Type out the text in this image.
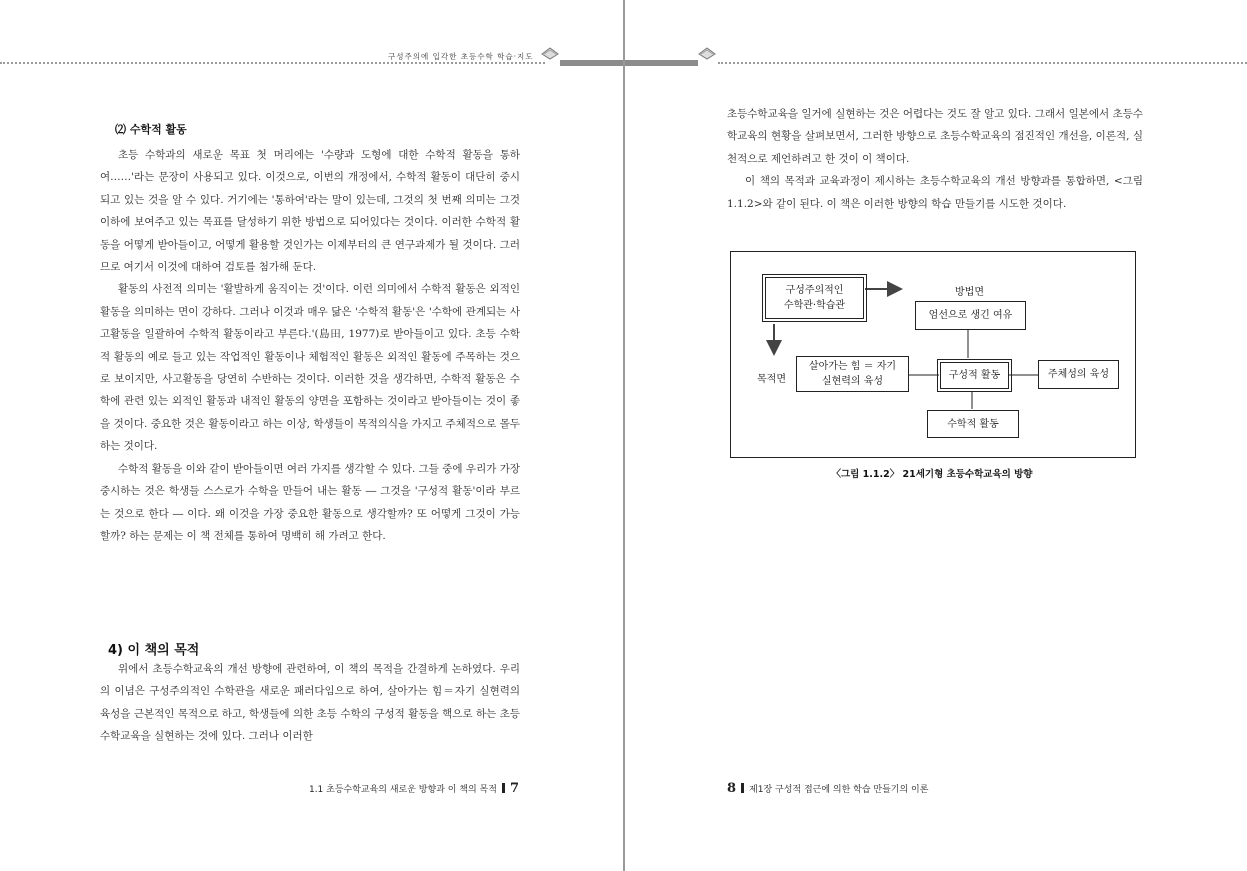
구성주의에 입각한 초등수학 학습·지도
⑵ 수학적 활동

초등 수학과의 새로운 목표 첫 머리에는 '수량과 도형에 대한 수학적 활동을 통하여……'라는 문장이 사용되고 있다. 이것으로, 이번의 개정에서, 수학적 활동이 대단히 중시되고 있는 것을 알 수 있다. 거기에는 '통하여'라는 말이 있는데, 그것의 첫 번째 의미는 그것 이하에 보여주고 있는 목표를 달성하기 위한 방법으로 되어있다는 것이다. 이러한 수학적 활동을 어떻게 받아들이고, 어떻게 활용할 것인가는 이제부터의 큰 연구과제가 될 것이다. 그러므로 여기서 이것에 대하여 검토를 첨가해 둔다.

활동의 사전적 의미는 '활발하게 움직이는 것'이다. 이런 의미에서 수학적 활동은 외적인 활동을 의미하는 면이 강하다. 그러나 이것과 매우 닮은 '수학적 활동'은 '수학에 관계되는 사고활동을 일괄하여 수학적 활동이라고 부른다.'(島田, 1977)로 받아들이고 있다. 초등 수학적 활동의 예로 들고 있는 작업적인 활동이나 체험적인 활동은 외적인 활동에 주목하는 것으로 보이지만, 사고활동을 당연히 수반하는 것이다. 이러한 것을 생각하면, 수학적 활동은 수학에 관련 있는 외적인 활동과 내적인 활동의 양면을 포함하는 것이라고 받아들이는 것이 좋을 것이다. 중요한 것은 활동이라고 하는 이상, 학생들이 목적의식을 가지고 주체적으로 몰두하는 것이다.

수학적 활동을 이와 같이 받아들이면 여러 가지를 생각할 수 있다. 그들 중에 우리가 가장 중시하는 것은 학생들 스스로가 수학을 만들어 내는 활동 ― 그것을 '구성적 활동'이라 부르는 것으로 한다 ― 이다. 왜 이것을 가장 중요한 활동으로 생각할까? 또 어떻게 그것이 가능할까? 하는 문제는 이 책 전체를 통하여 명백히 해 가려고 한다.

4) 이 책의 목적

위에서 초등수학교육의 개선 방향에 관련하여, 이 책의 목적을 간결하게 논하였다. 우리의 이념은 구성주의적인 수학관을 새로운 패러다임으로 하여, 살아가는 힘＝자기 실현력의 육성을 근본적인 목적으로 하고, 학생들에 의한 초등 수학의 구성적 활동을 핵으로 하는 초등수학교육을 실현하는 것에 있다. 그러나 이러한

1.1 초등수학교육의 새로운 방향과 이 책의 목적 7

초등수학교육을 일거에 실현하는 것은 어렵다는 것도 잘 알고 있다. 그래서 일본에서 초등수학교육의 현황을 살펴보면서, 그러한 방향으로 초등수학교육의 점진적인 개선을, 이론적, 실천적으로 제언하려고 한 것이 이 책이다.

이 책의 목적과 교육과정이 제시하는 초등수학교육의 개선 방향과를 통합하면, <그림 1.1.2>와 같이 된다. 이 책은 이러한 방향의 학습 만들기를 시도한 것이다.

구성주의적인
수학관·학습관
방법면
엄선으로 생긴 여유
목적면
살아가는 힘 ＝ 자기
실현력의 육성
구성적 활동	주체성의 육성
수학적 활동
〈그림 1.1.2〉 21세기형 초등수학교육의 방향
8 제1장 구성적 접근에 의한 학습 만들기의 이론
